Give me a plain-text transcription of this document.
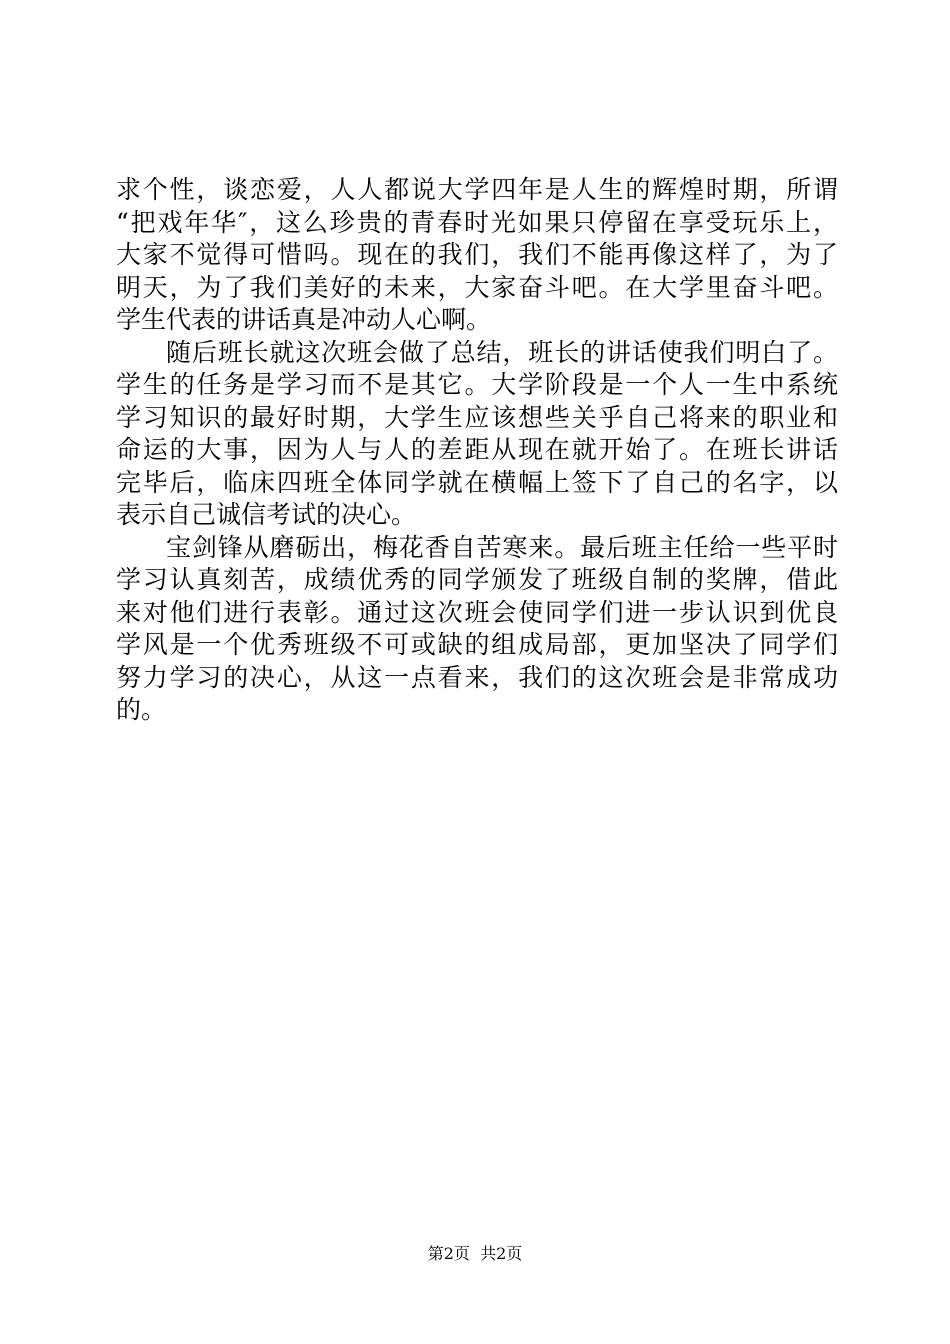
求个性，谈恋爱，人人都说大学四年是人生的辉煌时期，所谓
“把戏年华″，这么珍贵的青春时光如果只停留在享受玩乐上，
大家不觉得可惜吗。现在的我们，我们不能再像这样了，为了
明天，为了我们美好的未来，大家奋斗吧。在大学里奋斗吧。
学生代表的讲话真是冲动人心啊。
随后班长就这次班会做了总结，班长的讲话使我们明白了。
学生的任务是学习而不是其它。大学阶段是一个人一生中系统
学习知识的最好时期，大学生应该想些关乎自己将来的职业和
命运的大事，因为人与人的差距从现在就开始了。在班长讲话
完毕后，临床四班全体同学就在横幅上签下了自己的名字，以
表示自己诚信考试的决心。
宝剑锋从磨砺出，梅花香自苦寒来。最后班主任给一些平时
学习认真刻苦，成绩优秀的同学颁发了班级自制的奖牌，借此
来对他们进行表彰。通过这次班会使同学们进一步认识到优良
学风是一个优秀班级不可或缺的组成局部，更加坚决了同学们
努力学习的决心，从这一点看来，我们的这次班会是非常成功
的。
第2页  共2页
